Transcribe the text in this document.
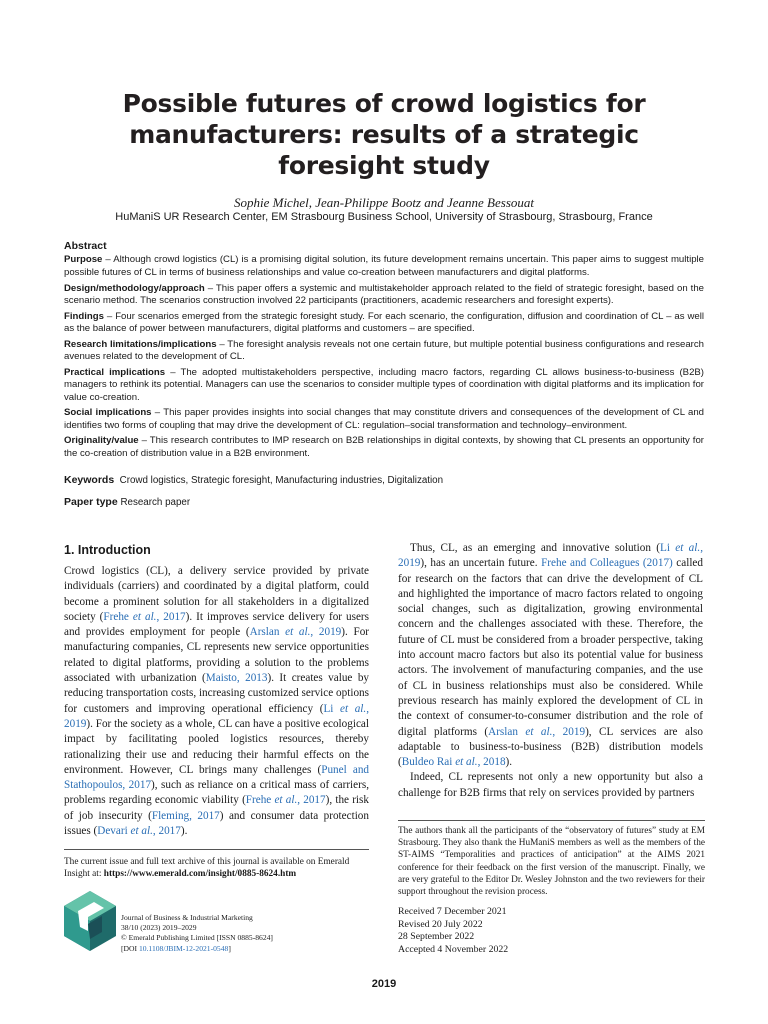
Possible futures of crowd logistics for
manufacturers: results of a strategic
foresight study
Sophie Michel, Jean-Philippe Bootz and Jeanne Bessouat
HuManiS UR Research Center, EM Strasbourg Business School, University of Strasbourg, Strasbourg, France
Abstract

Purpose – Although crowd logistics (CL) is a promising digital solution, its future development remains uncertain. This paper aims to suggest multiple possible futures of CL in terms of business relationships and value co-creation between manufacturers and digital platforms.

Design/methodology/approach – This paper offers a systemic and multistakeholder approach related to the field of strategic foresight, based on the scenario method. The scenarios construction involved 22 participants (practitioners, academic researchers and foresight experts).

Findings – Four scenarios emerged from the strategic foresight study. For each scenario, the configuration, diffusion and coordination of CL – as well as the balance of power between manufacturers, digital platforms and customers – are specified.

Research limitations/implications – The foresight analysis reveals not one certain future, but multiple potential business configurations and research avenues related to the development of CL.

Practical implications – The adopted multistakeholders perspective, including macro factors, regarding CL allows business-to-business (B2B) managers to rethink its potential. Managers can use the scenarios to consider multiple types of coordination with digital platforms and its implication for value co-creation.

Social implications – This paper provides insights into social changes that may constitute drivers and consequences of the development of CL and identifies two forms of coupling that may drive the development of CL: regulation–social transformation and technology–environment.

Originality/value – This research contributes to IMP research on B2B relationships in digital contexts, by showing that CL presents an opportunity for the co-creation of distribution value in a B2B environment.

Keywords Crowd logistics, Strategic foresight, Manufacturing industries, Digitalization
Paper type Research paper
1. Introduction

Crowd logistics (CL), a delivery service provided by private individuals (carriers) and coordinated by a digital platform, could become a prominent solution for all stakeholders in a digitalized society (Frehe et al., 2017). It improves service delivery for users and provides employment for people (Arslan et al., 2019). For manufacturing companies, CL represents new service opportunities related to digital platforms, providing a solution to the problems associated with urbanization (Maisto, 2013). It creates value by reducing transportation costs, increasing customized service options for customers and improving operational efficiency (Li et al., 2019). For the society as a whole, CL can have a positive ecological impact by facilitating pooled logistics resources, thereby rationalizing their use and reducing their harmful effects on the environment. However, CL brings many challenges (Punel and Stathopoulos, 2017), such as reliance on a critical mass of carriers, problems regarding economic viability (Frehe et al., 2017), the risk of job insecurity (Fleming, 2017) and consumer data protection issues (Devari et al., 2017).

Thus, CL, as an emerging and innovative solution (Li et al., 2019), has an uncertain future. Frehe and Colleagues (2017) called for research on the factors that can drive the development of CL and highlighted the importance of macro factors related to ongoing social changes, such as digitalization, growing environmental concern and the challenges associated with these. Therefore, the future of CL must be considered from a broader perspective, taking into account macro factors but also its potential value for business actors. The involvement of manufacturing companies, and the use of CL in business relationships must also be considered. While previous research has mainly explored the development of CL in the context of consumer-to-consumer distribution and the role of digital platforms (Arslan et al., 2019), CL services are also adaptable to business-to-business (B2B) distribution models (Buldeo Rai et al., 2018).

Indeed, CL represents not only a new opportunity but also a challenge for B2B firms that rely on services provided by partners

The current issue and full text archive of this journal is available on Emerald Insight at: https://www.emerald.com/insight/0885-8624.htm
Journal of Business & Industrial Marketing
38/10 (2023) 2019–2029
© Emerald Publishing Limited [ISSN 0885-8624]
[DOI 10.1108/JBIM-12-2021-0548]
The authors thank all the participants of the “observatory of futures” study at EM Strasbourg. They also thank the HuManiS members as well as the members of the ST-AIMS “Temporalities and practices of anticipation” at the AIMS 2021 conference for their feedback on the first version of the manuscript. Finally, we are very grateful to the Editor Dr. Wesley Johnston and the two reviewers for their support throughout the revision process.
Received 7 December 2021
Revised 20 July 2022
28 September 2022
Accepted 4 November 2022
2019
